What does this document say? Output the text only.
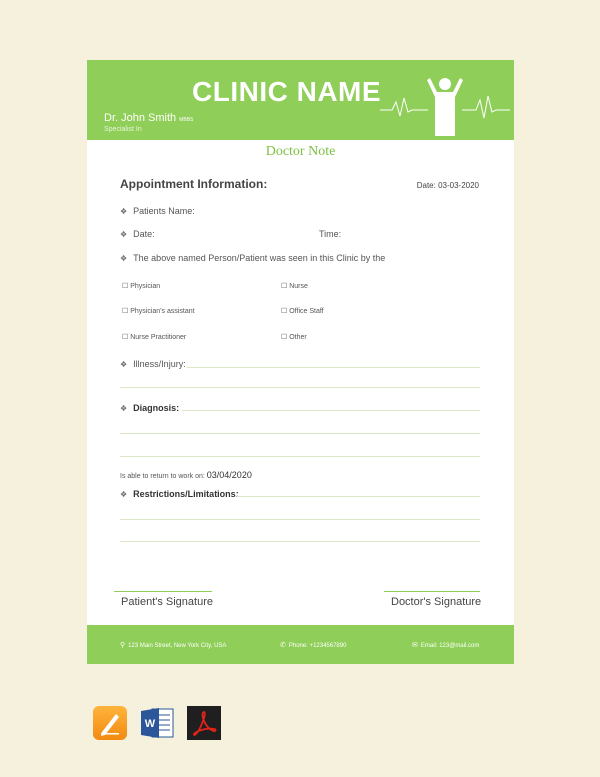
CLINIC NAME
Dr. John Smith MBBS
Specialist In
Doctor Note
Appointment Information:	Date: 03-03-2020
❖ Patients Name:
❖ Date:	Time:
❖ The above named Person/Patient was seen in this Clinic by the
☐ Physician	☐ Nurse
☐ Physician's assistant	☐ Office Staff
☐ Nurse Practitioner	☐ Other
❖ Illness/Injury:
❖ Diagnosis:
Is able to return to work on: 03/04/2020
❖ Restrictions/Limitations:
Patient's Signature	Doctor's Signature
⚲ 123 Main Street, New York City, USA	✆ Phone: +1234567890	✉ Email: 123@mail.com
W
